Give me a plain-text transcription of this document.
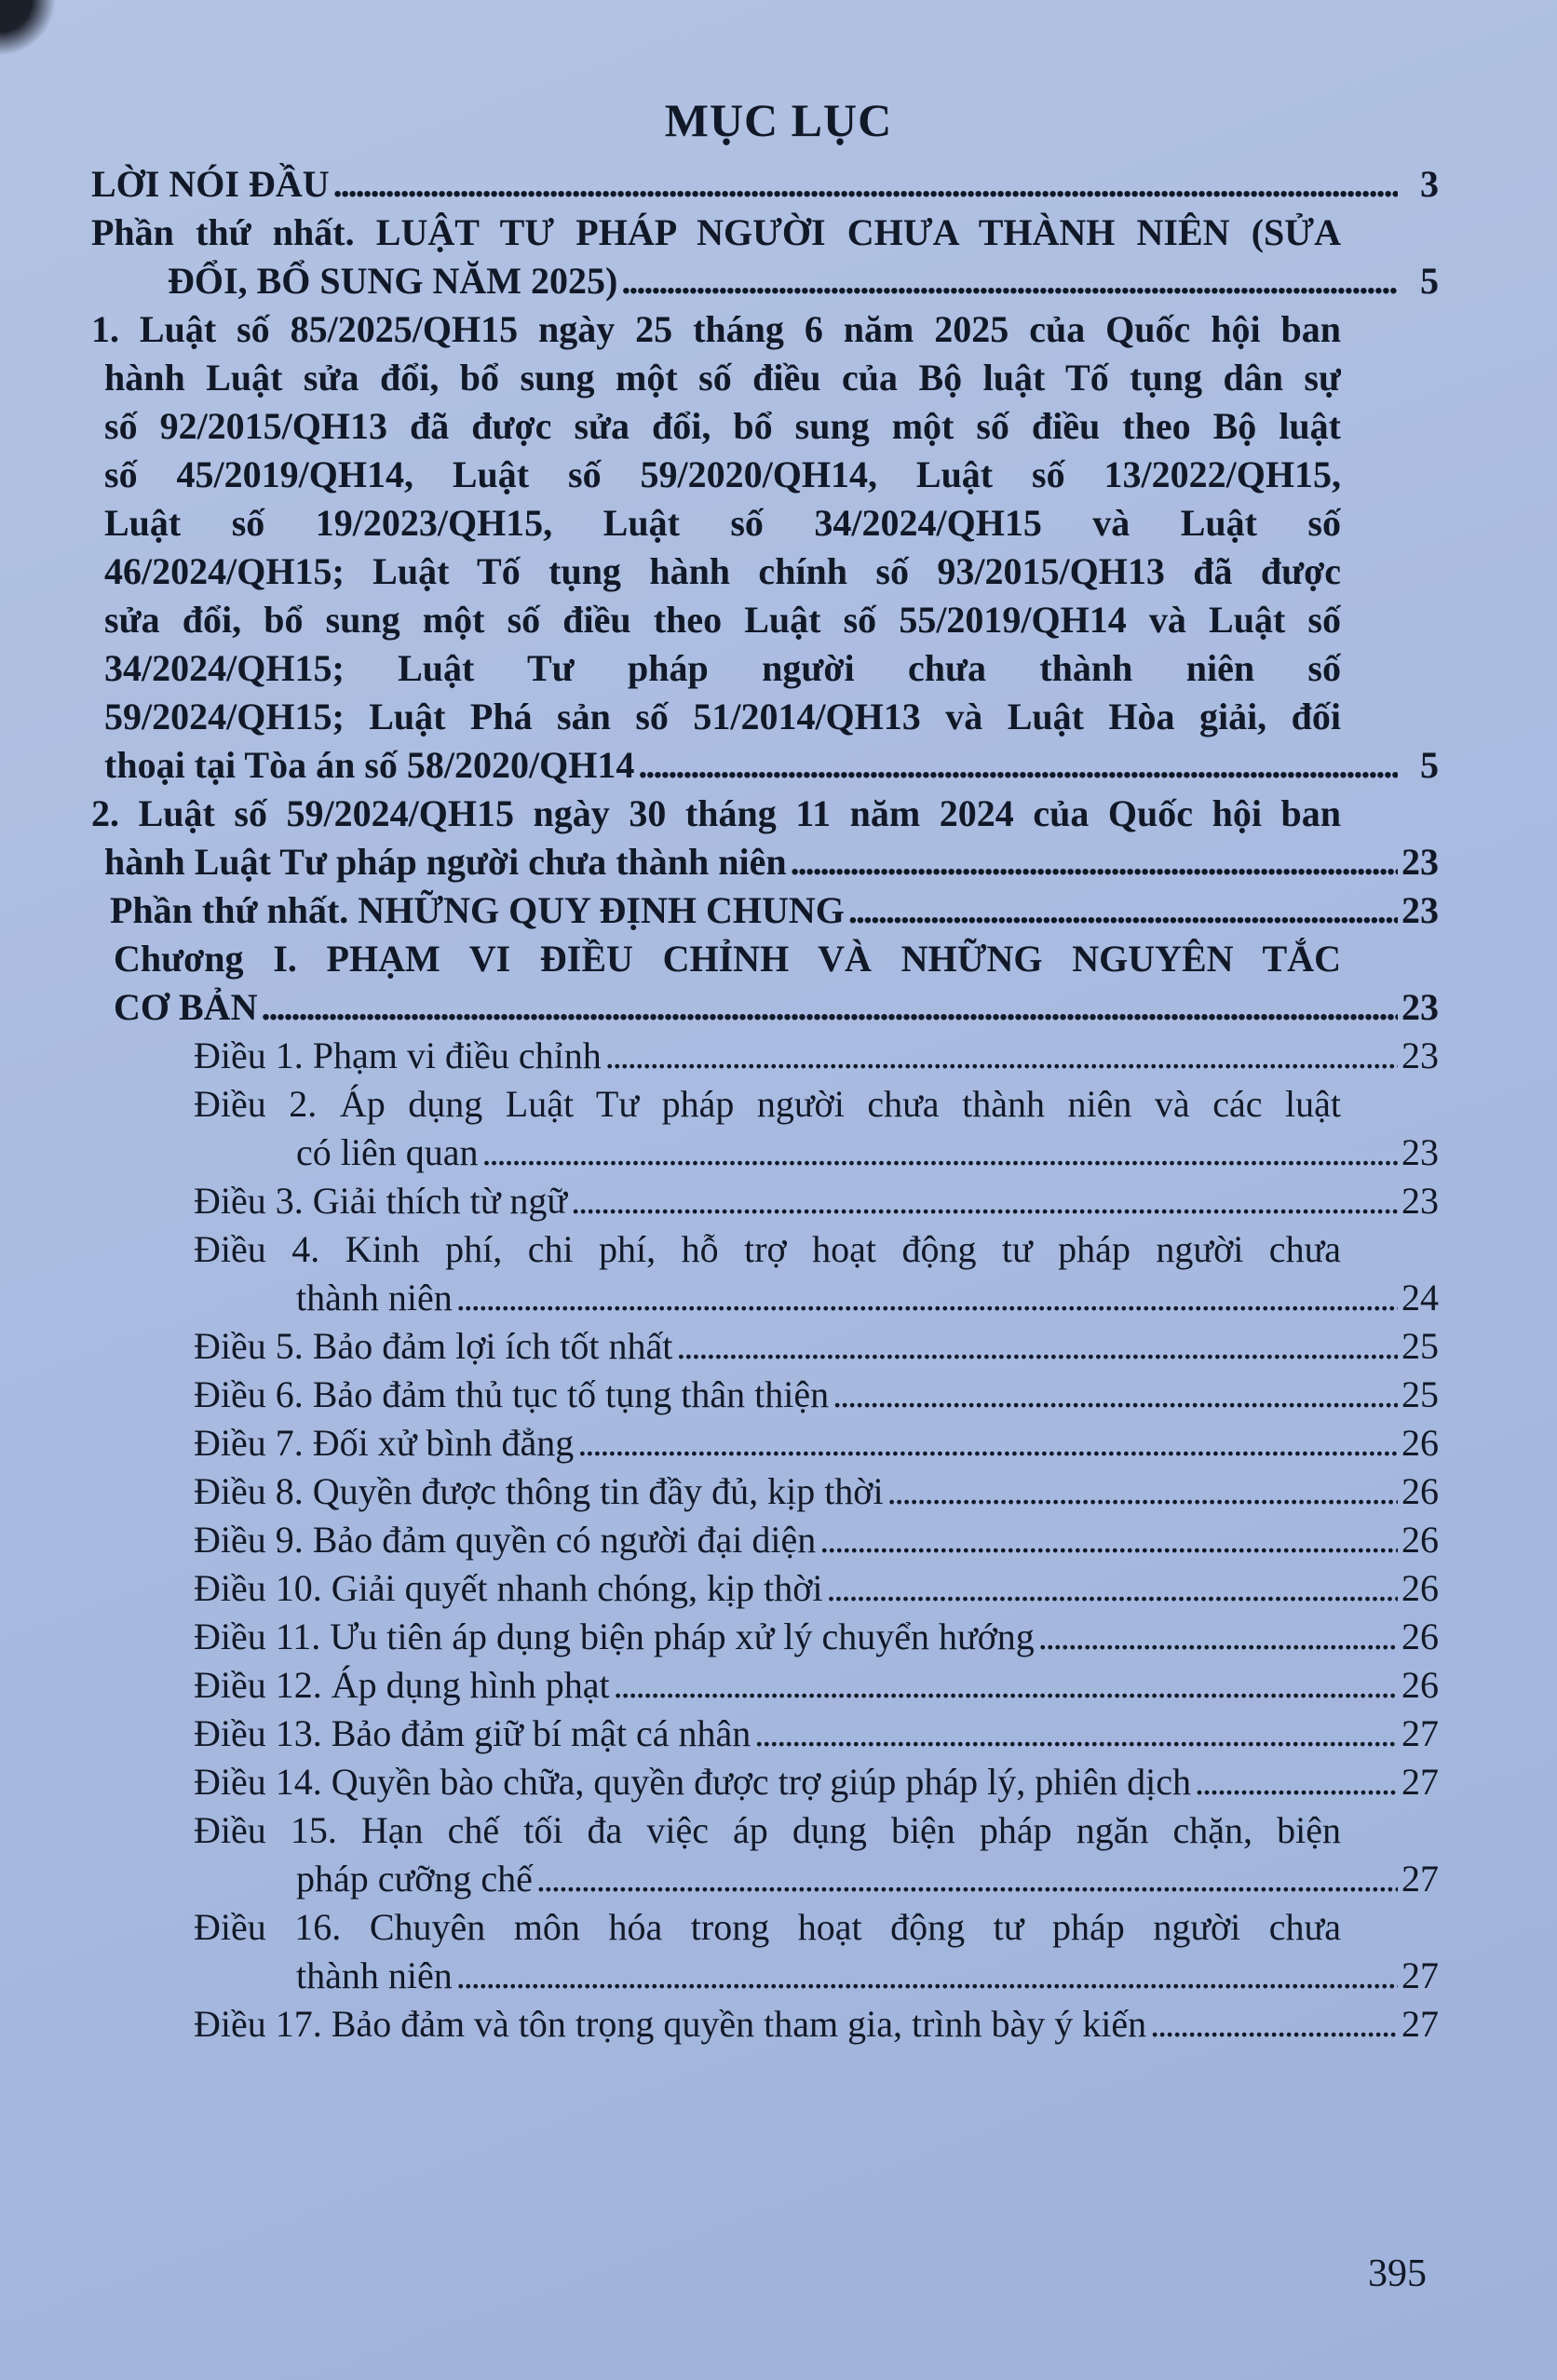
MỤC LỤC
LỜI NÓI ĐẦU . . .	3
Phần thứ nhất. LUẬT TƯ PHÁP NGƯỜI CHƯA THÀNH NIÊN (SỬA
ĐỔI, BỔ SUNG NĂM 2025) . . .	5
1. Luật số 85/2025/QH15 ngày 25 tháng 6 năm 2025 của Quốc hội ban
hành Luật sửa đổi, bổ sung một số điều của Bộ luật Tố tụng dân sự
số 92/2015/QH13 đã được sửa đổi, bổ sung một số điều theo Bộ luật
số 45/2019/QH14, Luật số 59/2020/QH14, Luật số 13/2022/QH15,
Luật số 19/2023/QH15, Luật số 34/2024/QH15 và Luật số
46/2024/QH15; Luật Tố tụng hành chính số 93/2015/QH13 đã được
sửa đổi, bổ sung một số điều theo Luật số 55/2019/QH14 và Luật số
34/2024/QH15; Luật Tư pháp người chưa thành niên số
59/2024/QH15; Luật Phá sản số 51/2014/QH13 và Luật Hòa giải, đối
thoại tại Tòa án số 58/2020/QH14 . . .	5
2. Luật số 59/2024/QH15 ngày 30 tháng 11 năm 2024 của Quốc hội ban
hành Luật Tư pháp người chưa thành niên . . .	23
Phần thứ nhất. NHỮNG QUY ĐỊNH CHUNG . . .	23
Chương I. PHẠM VI ĐIỀU CHỈNH VÀ NHỮNG NGUYÊN TẮC
CƠ BẢN . . .	23
Điều 1. Phạm vi điều chỉnh . . .	23
Điều 2. Áp dụng Luật Tư pháp người chưa thành niên và các luật
có liên quan . . .	23
Điều 3. Giải thích từ ngữ . . .	23
Điều 4. Kinh phí, chi phí, hỗ trợ hoạt động tư pháp người chưa
thành niên . . .	24
Điều 5. Bảo đảm lợi ích tốt nhất . . .	25
Điều 6. Bảo đảm thủ tục tố tụng thân thiện . . .	25
Điều 7. Đối xử bình đẳng . . .	26
Điều 8. Quyền được thông tin đầy đủ, kịp thời . . .	26
Điều 9. Bảo đảm quyền có người đại diện . . .	26
Điều 10. Giải quyết nhanh chóng, kịp thời . . .	26
Điều 11. Ưu tiên áp dụng biện pháp xử lý chuyển hướng . . .	26
Điều 12. Áp dụng hình phạt . . .	26
Điều 13. Bảo đảm giữ bí mật cá nhân . . .	27
Điều 14. Quyền bào chữa, quyền được trợ giúp pháp lý, phiên dịch . . .	27
Điều 15. Hạn chế tối đa việc áp dụng biện pháp ngăn chặn, biện
pháp cưỡng chế . . .	27
Điều 16. Chuyên môn hóa trong hoạt động tư pháp người chưa
thành niên . . .	27
Điều 17. Bảo đảm và tôn trọng quyền tham gia, trình bày ý kiến . . .	27
395
